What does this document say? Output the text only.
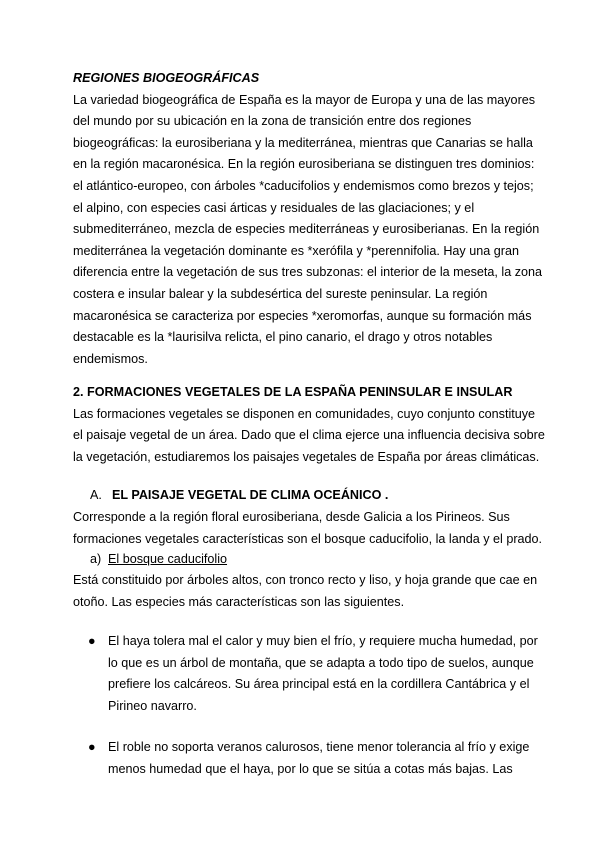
REGIONES BIOGEOGRÁFICAS
La variedad biogeográfica de España es la mayor de Europa y una de las mayores
del mundo por su ubicación en la zona de transición entre dos regiones
biogeográficas: la eurosiberiana y la mediterránea, mientras que Canarias se halla
en la región macaronésica. En la región eurosiberiana se distinguen tres dominios:
el atlántico-europeo, con árboles *caducifolios y endemismos como brezos y tejos;
el alpino, con especies casi árticas y residuales de las glaciaciones; y el
submediterráneo, mezcla de especies mediterráneas y eurosiberianas. En la región
mediterránea la vegetación dominante es *xerófila y *perennifolia. Hay una gran
diferencia entre la vegetación de sus tres subzonas: el interior de la meseta, la zona
costera e insular balear y la subdesértica del sureste peninsular. La región
macaronésica se caracteriza por especies *xeromorfas, aunque su formación más
destacable es la *laurisilva relicta, el pino canario, el drago y otros notables
endemismos.
2. FORMACIONES VEGETALES DE LA ESPAÑA PENINSULAR E INSULAR
Las formaciones vegetales se disponen en comunidades, cuyo conjunto constituye
el paisaje vegetal de un área. Dado que el clima ejerce una influencia decisiva sobre
la vegetación, estudiaremos los paisajes vegetales de España por áreas climáticas.
A. EL PAISAJE VEGETAL DE CLIMA OCEÁNICO .
Corresponde a la región floral eurosiberiana, desde Galicia a los Pirineos. Sus
formaciones vegetales características son el bosque caducifolio, la landa y el prado.
a) El bosque caducifolio
Está constituido por árboles altos, con tronco recto y liso, y hoja grande que cae en
otoño. Las especies más características son las siguientes.
● El haya tolera mal el calor y muy bien el frío, y requiere mucha humedad, por
lo que es un árbol de montaña, que se adapta a todo tipo de suelos, aunque
prefiere los calcáreos. Su área principal está en la cordillera Cantábrica y el
Pirineo navarro.
● El roble no soporta veranos calurosos, tiene menor tolerancia al frío y exige
menos humedad que el haya, por lo que se sitúa a cotas más bajas. Las
